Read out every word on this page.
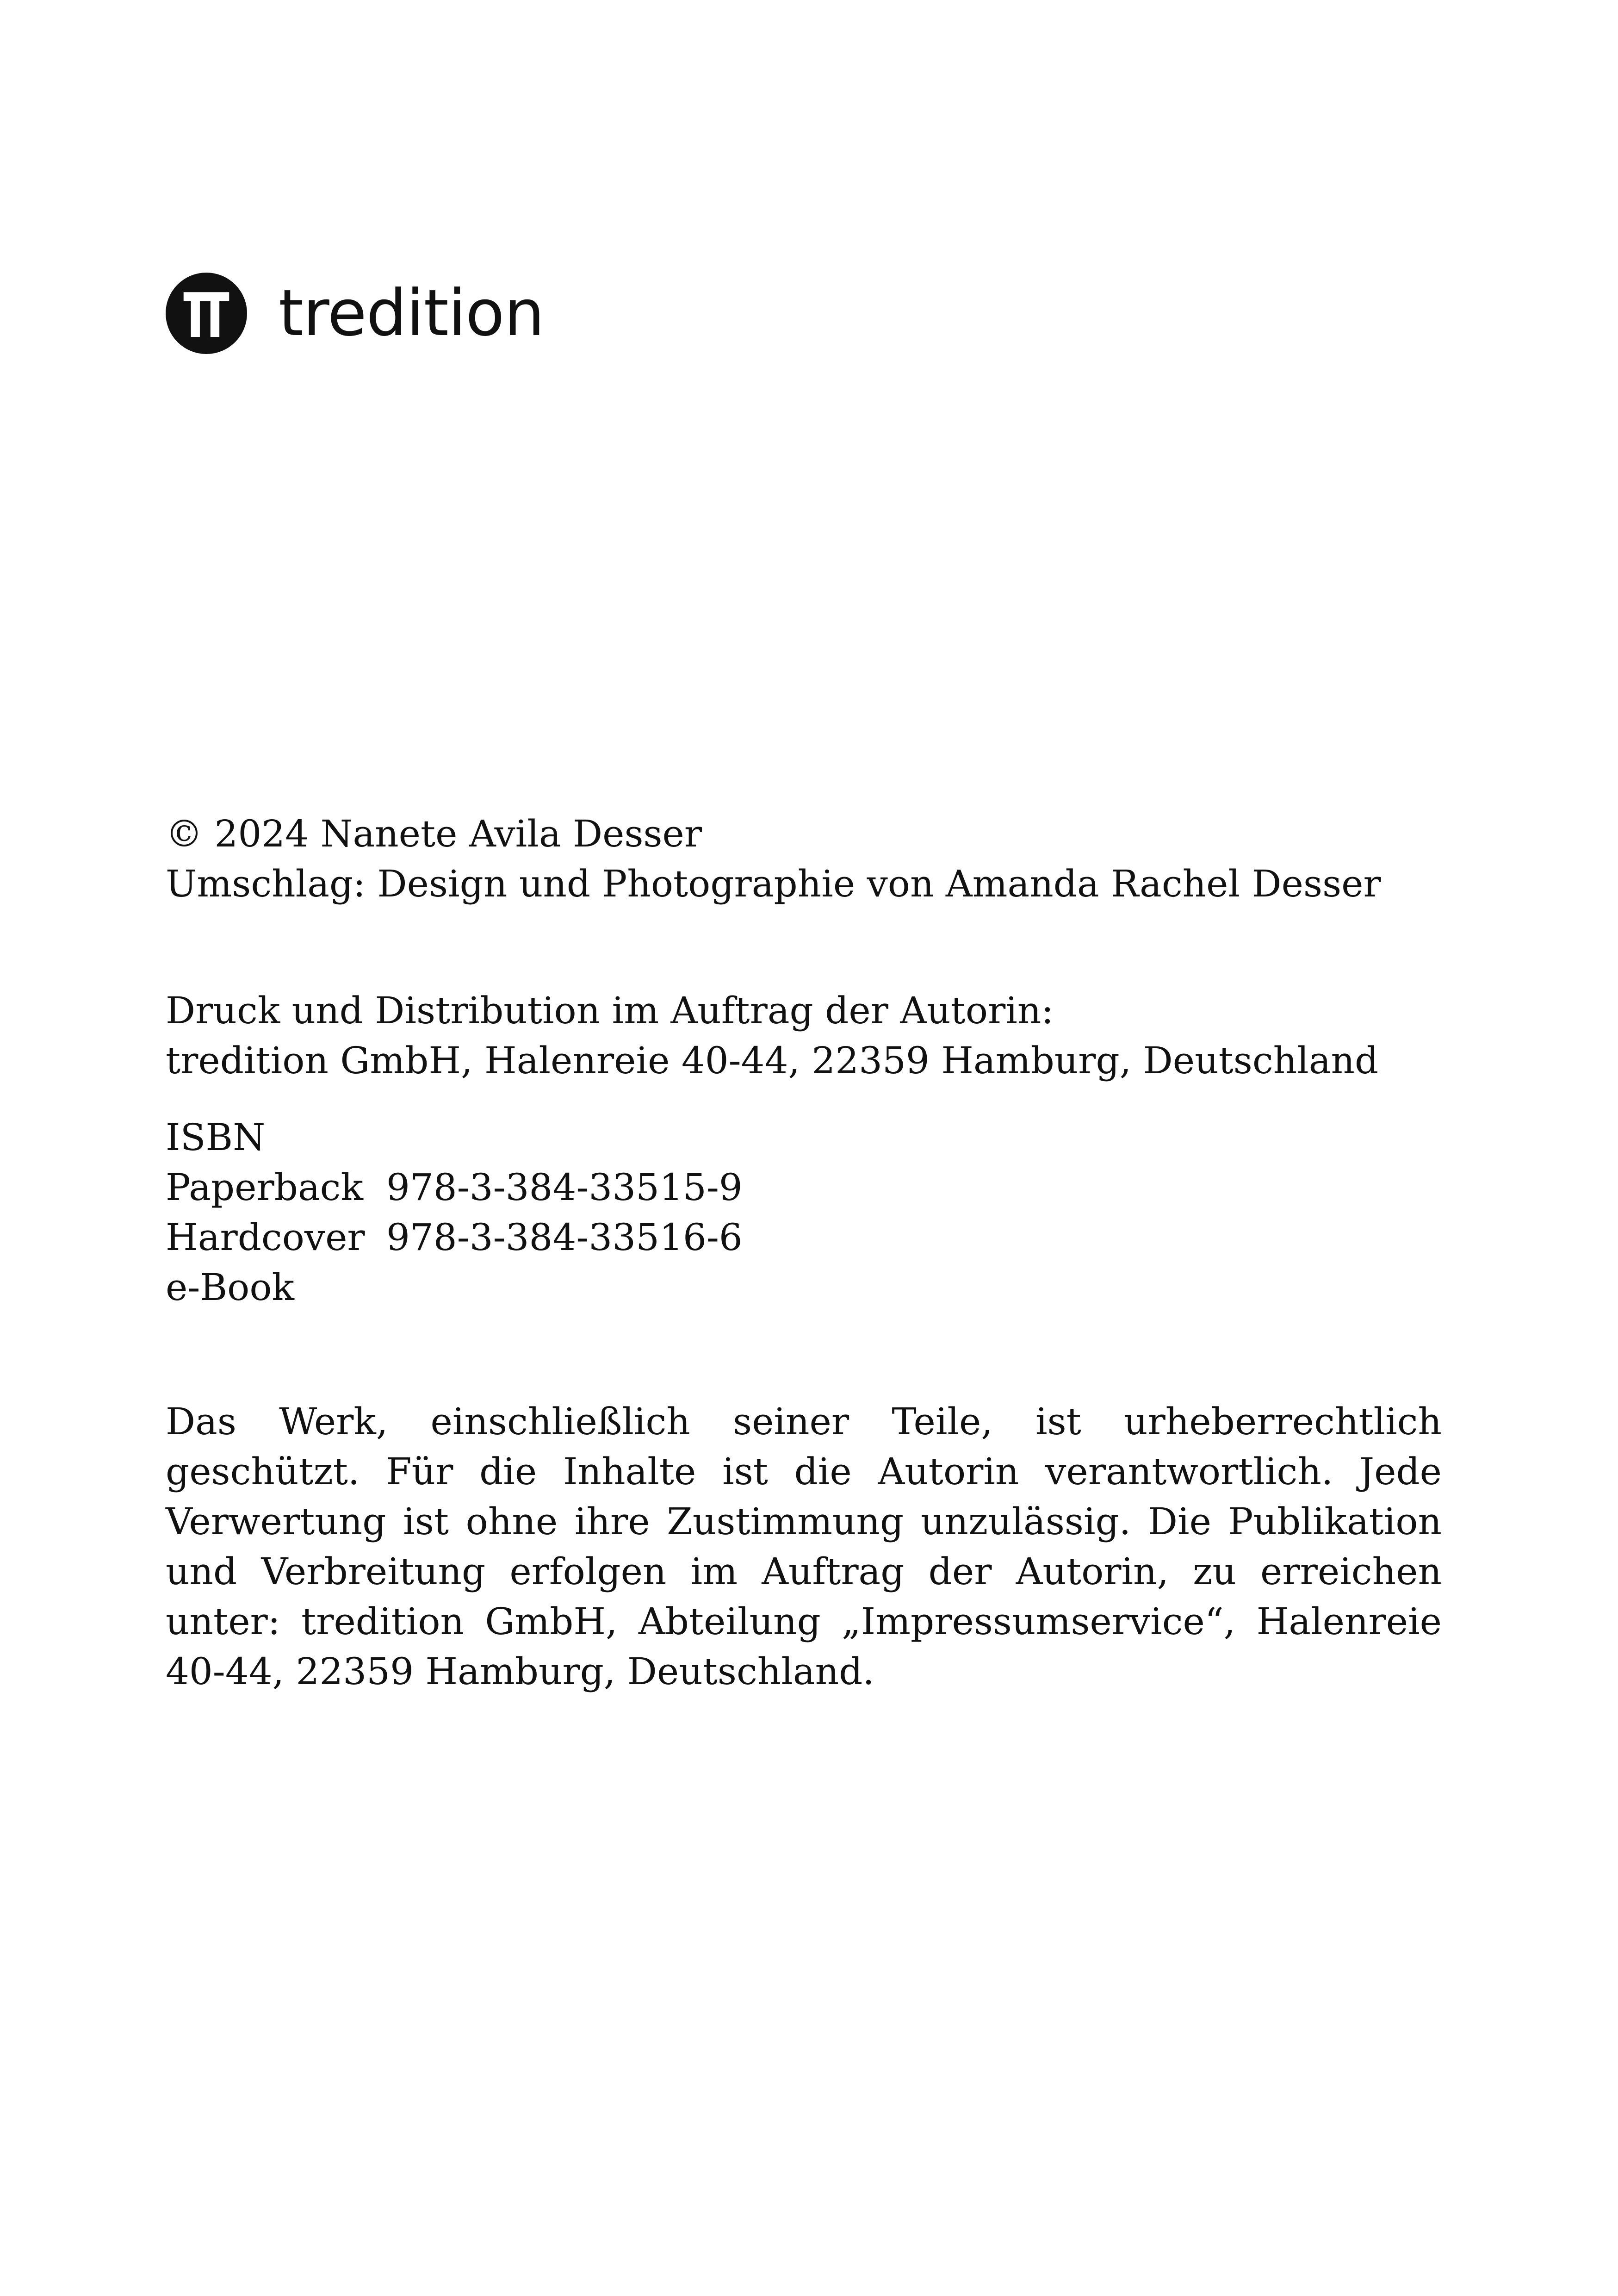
tredition
© 2024 Nanete Avila Desser
Umschlag: Design und Photographie von Amanda Rachel Desser
Druck und Distribution im Auftrag der Autorin:
tredition GmbH, Halenreie 40-44, 22359 Hamburg, Deutschland
ISBN
Paperback 978-3-384-33515-9
Hardcover 978-3-384-33516-6
e-Book

Das Werk, einschließlich seiner Teile, ist urheberrechtlich geschützt. Für die Inhalte ist die Autorin verantwortlich. Jede Verwertung ist ohne ihre Zustimmung unzulässig. Die Publikation und Verbreitung erfolgen im Auftrag der Autorin, zu erreichen unter: tredition GmbH, Abteilung „Impressumservice“, Halenreie 40-44, 22359 Hamburg, Deutschland.
